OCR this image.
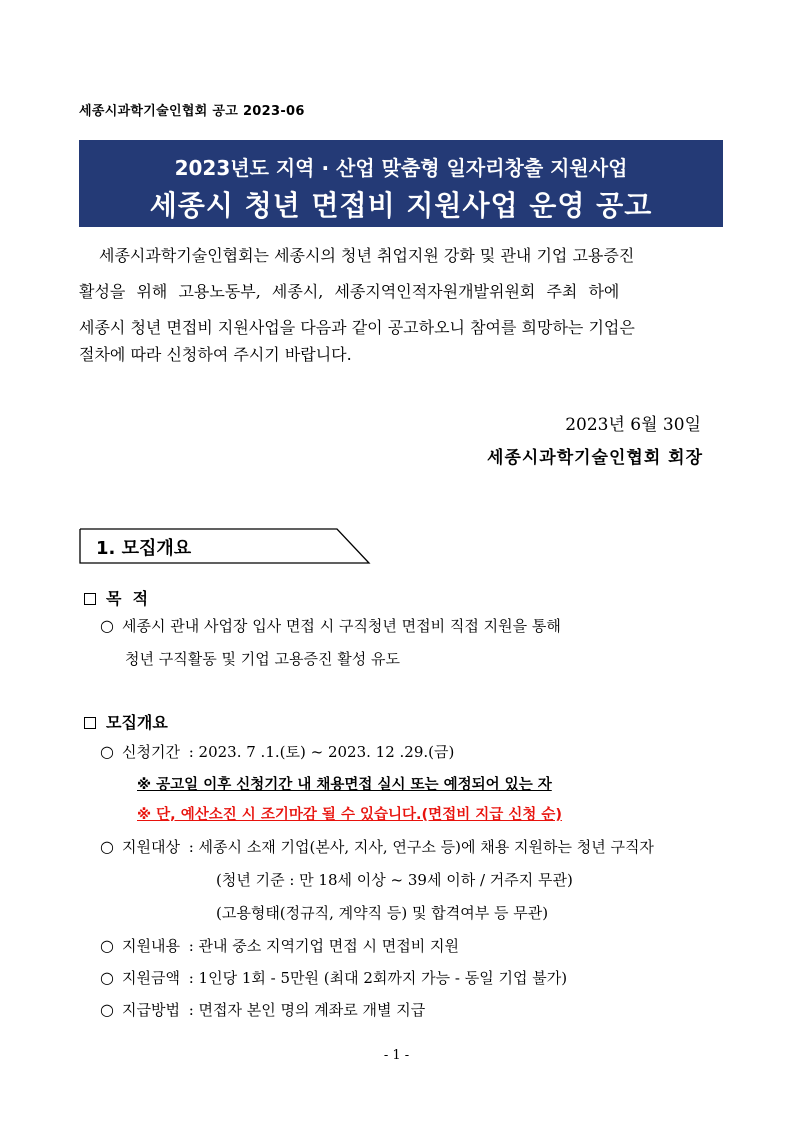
세종시과학기술인협회 공고 2023-06
2023년도 지역 · 산업 맞춤형 일자리창출 지원사업
세종시 청년 면접비 지원사업 운영 공고
세종시과학기술인협회는 세종시의 청년 취업지원 강화 및 관내 기업 고용증진
활성을 위해 고용노동부, 세종시, 세종지역인적자원개발위원회 주최 하에
세종시 청년 면접비 지원사업을 다음과 같이 공고하오니 참여를 희망하는 기업은
절차에 따라 신청하여 주시기 바랍니다.
2023년 6월 30일
세종시과학기술인협회 회장
1. 모집개요
목  적
○ 세종시 관내 사업장 입사 면접 시 구직청년 면접비 직접 지원을 통해
청년 구직활동 및 기업 고용증진 활성 유도
모집개요
○ 신청기간 : 2023. 7 .1.(토) ~ 2023. 12 .29.(금)
※ 공고일 이후 신청기간 내 채용면접 실시 또는 예정되어 있는 자
※ 단, 예산소진 시 조기마감 될 수 있습니다.(면접비 지급 신청 순)
○ 지원대상 : 세종시 소재 기업(본사, 지사, 연구소 등)에 채용 지원하는 청년 구직자
(청년 기준 : 만 18세 이상 ~ 39세 이하 / 거주지 무관)
(고용형태(정규직, 계약직 등) 및 합격여부 등 무관)
○ 지원내용 : 관내 중소 지역기업 면접 시 면접비 지원
○ 지원금액 : 1인당 1회 - 5만원 (최대 2회까지 가능 - 동일 기업 불가)
○ 지급방법 : 면접자 본인 명의 계좌로 개별 지급
- 1 -
